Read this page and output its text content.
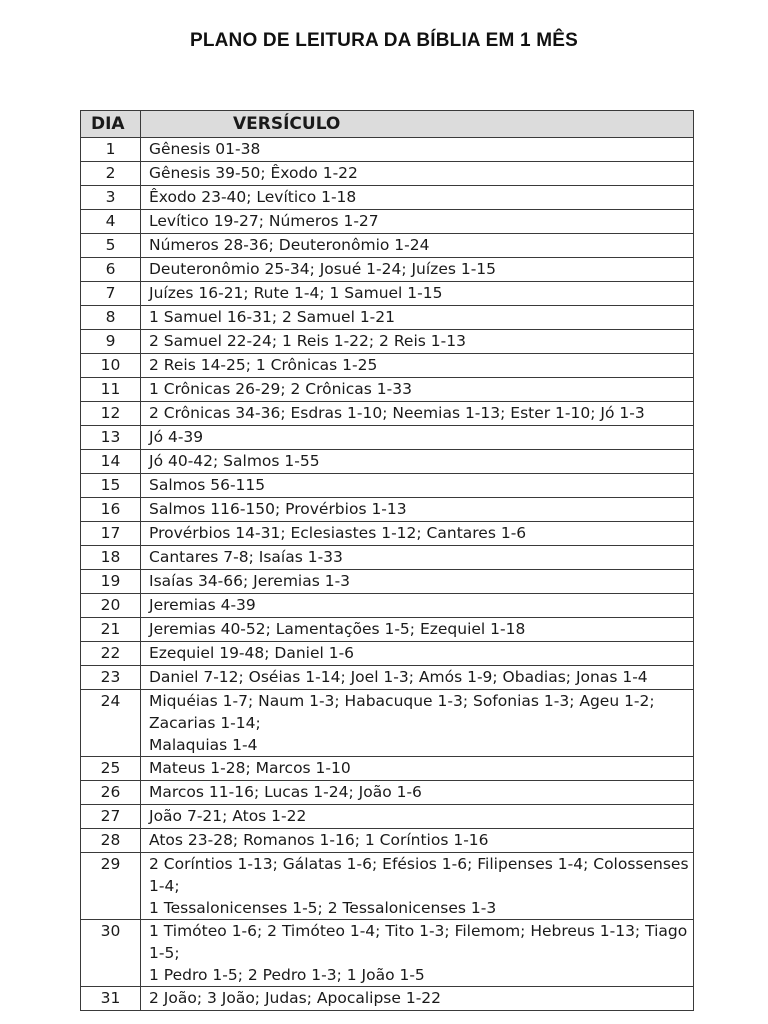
PLANO DE LEITURA DA BÍBLIA EM 1 MÊS
DIA	VERSÍCULO
1	Gênesis 01-38
2	Gênesis 39-50; Êxodo 1-22
3	Êxodo 23-40; Levítico 1-18
4	Levítico 19-27; Números 1-27
5	Números 28-36; Deuteronômio 1-24
6	Deuteronômio 25-34; Josué 1-24; Juízes 1-15
7	Juízes 16-21; Rute 1-4; 1 Samuel 1-15
8	1 Samuel 16-31; 2 Samuel 1-21
9	2 Samuel 22-24; 1 Reis 1-22; 2 Reis 1-13
10	2 Reis 14-25; 1 Crônicas 1-25
11	1 Crônicas 26-29; 2 Crônicas 1-33
12	2 Crônicas 34-36; Esdras 1-10; Neemias 1-13; Ester 1-10; Jó 1-3
13	Jó 4-39
14	Jó 40-42; Salmos 1-55
15	Salmos 56-115
16	Salmos 116-150; Provérbios 1-13
17	Provérbios 14-31; Eclesiastes 1-12; Cantares 1-6
18	Cantares 7-8; Isaías 1-33
19	Isaías 34-66; Jeremias 1-3
20	Jeremias 4-39
21	Jeremias 40-52; Lamentações 1-5; Ezequiel 1-18
22	Ezequiel 19-48; Daniel 1-6
23	Daniel 7-12; Oséias 1-14; Joel 1-3; Amós 1-9; Obadias; Jonas 1-4
24	Miquéias 1-7; Naum 1-3; Habacuque 1-3; Sofonias 1-3; Ageu 1-2; Zacarias 1-14;
Malaquias 1-4
25	Mateus 1-28; Marcos 1-10
26	Marcos 11-16; Lucas 1-24; João 1-6
27	João 7-21; Atos 1-22
28	Atos 23-28; Romanos 1-16; 1 Coríntios 1-16
29	2 Coríntios 1-13; Gálatas 1-6; Efésios 1-6; Filipenses 1-4; Colossenses 1-4;
1 Tessalonicenses 1-5; 2 Tessalonicenses 1-3
30	1 Timóteo 1-6; 2 Timóteo 1-4; Tito 1-3; Filemom; Hebreus 1-13; Tiago 1-5;
1 Pedro 1-5; 2 Pedro 1-3; 1 João 1-5
31	2 João; 3 João; Judas; Apocalipse 1-22
